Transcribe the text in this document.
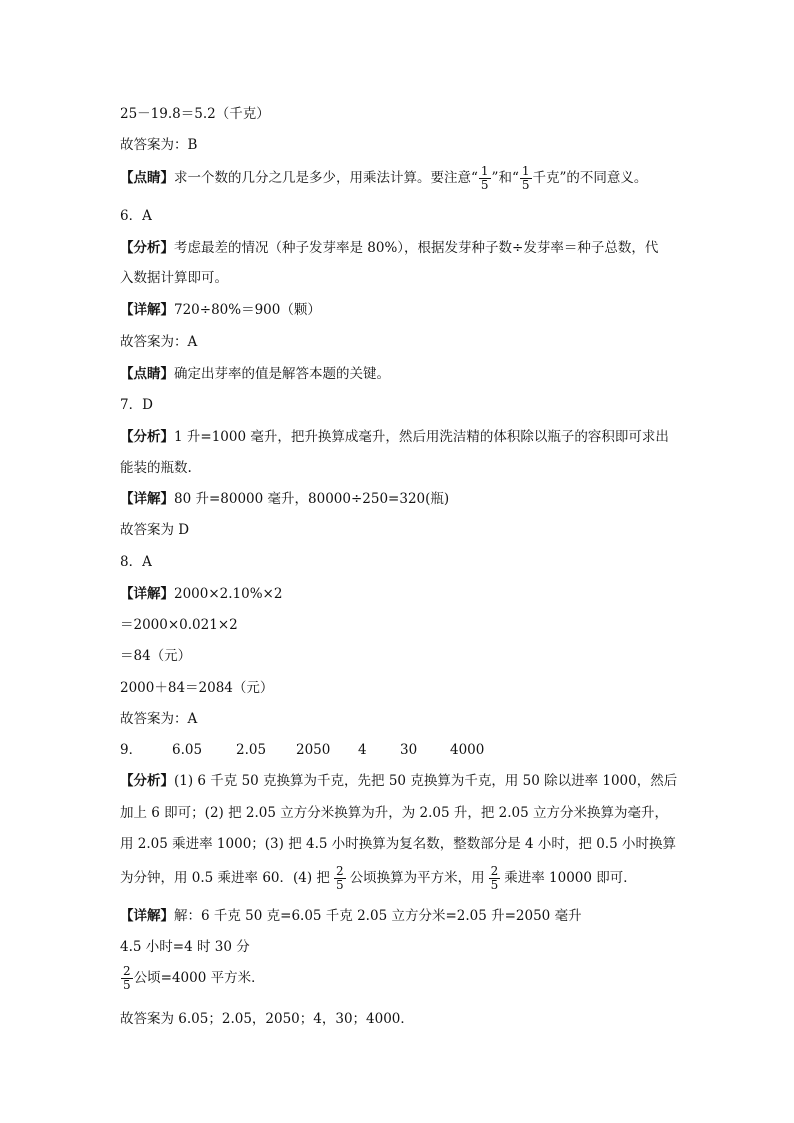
25－19.8＝5.2（千克）
故答案为：B
【点睛】求一个数的几分之几是多少，用乘法计算。要注意“ $\frac{1}{5}$ ”和“ $\frac{1}{5}$ 千克”的不同意义。
6．A
【分析】考虑最差的情况（种子发芽率是 80%），根据发芽种子数÷发芽率＝种子总数，代
入数据计算即可。
【详解】720÷80%＝900（颗）
故答案为：A
【点睛】确定出芽率的值是解答本题的关键。
7．D
【分析】1 升=1000 毫升，把升换算成毫升，然后用洗洁精的体积除以瓶子的容积即可求出
能装的瓶数.
【详解】80 升=80000 毫升，80000÷250=320(瓶)
故答案为 D
8．A
【详解】2000×2.10%×2
＝2000×0.021×2
＝84（元）
2000＋84＝2084（元）
故答案为：A
9． 6.05	2.05 2050 4 30 4000
【分析】(1) 6 千克 50 克换算为千克，先把 50 克换算为千克，用 50 除以进率 1000，然后
加上 6 即可；(2) 把 2.05 立方分米换算为升，为 2.05 升，把 2.05 立方分米换算为毫升，
用 2.05 乘进率 1000；(3) 把 4.5 小时换算为复名数，整数部分是 4 小时，把 0.5 小时换算
为分钟，用 0.5 乘进率 60．(4) 把 $\frac{2}{5}$ 公顷换算为平方米，用 $\frac{2}{5}$ 乘进率 10000 即可．
【详解】解：6 千克 50 克=6.05 千克 2.05 立方分米=2.05 升=2050 毫升
4.5 小时=4 时 30 分
$\frac{2}{5}$ 公顷=4000 平方米．
故答案为 6.05；2.05，2050；4，30；4000．
